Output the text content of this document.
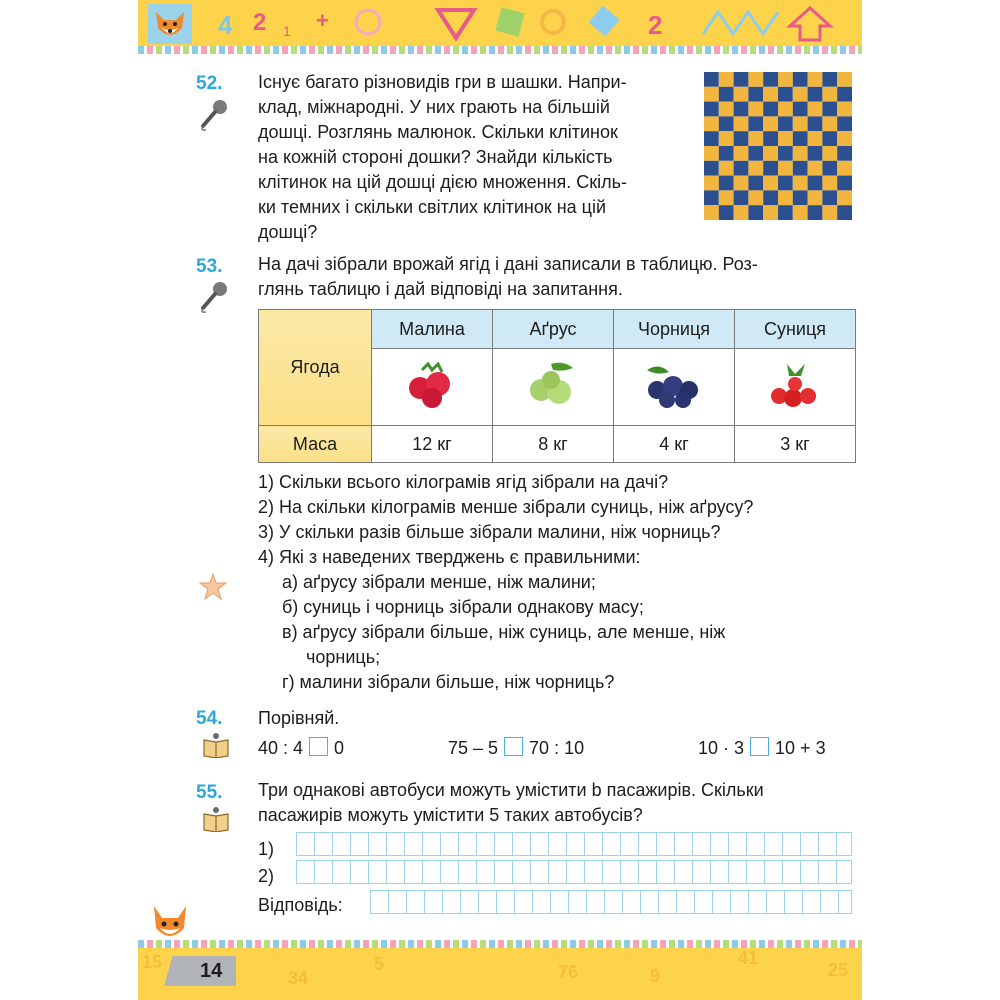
4 2 1 +	2
52. Існує багато різновидів гри в шашки. Напри-
клад, міжнародні. У них грають на більшій
дошці. Розглянь малюнок. Скільки клітинок
на кожній стороні дошки? Знайди кількість
клітинок на цій дошці дією множення. Скіль-
ки темних і скільки світлих клітинок на цій
дошці?
53. На дачі зібрали врожай ягід і дані записали в таблицю. Роз-
глянь таблицю і дай відповіді на запитання.
Ягода	Малина	Аґрус	Чорниця	Суниця

Маса	12 кг	8 кг	4 кг	3 кг
1) Скільки всього кілограмів ягід зібрали на дачі?
2) На скільки кілограмів менше зібрали суниць, ніж аґрусу?
3) У скільки разів більше зібрали малини, ніж чорниць?
4) Які з наведених тверджень є правильними:
а) аґрусу зібрали менше, ніж малини;
б) суниць і чорниць зібрали однакову масу;
в) аґрусу зібрали більше, ніж суниць, але менше, ніж
чорниць;
г) малини зібрали більше, ніж чорниць?
54. Порівняй.
40 : 4 0	75 – 5 70 : 10	10 · 3 10 + 3
55. Три однакові автобуси можуть умістити b пасажирів. Скільки
пасажирів можуть умістити 5 таких автобусів?
1)
2)
Відповідь:
15
34
5	76	9
41
25
14
